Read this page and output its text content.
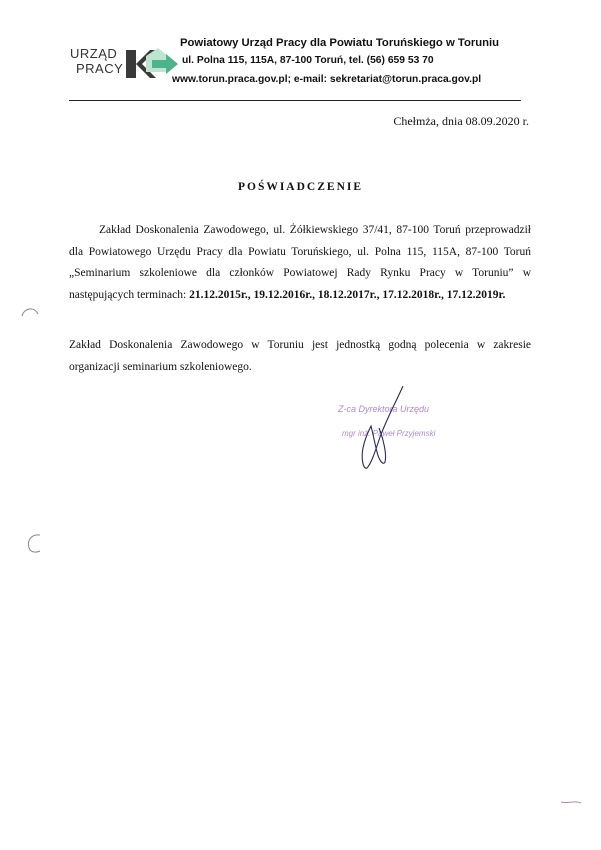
URZĄD
PRACY
Powiatowy Urząd Pracy dla Powiatu Toruńskiego w Toruniu
ul. Polna 115, 115A, 87-100 Toruń, tel. (56) 659 53 70
www.torun.praca.gov.pl; e-mail: sekretariat@torun.praca.gov.pl
Chełmża, dnia 08.09.2020 r.
POŚWIADCZENIE
Zakład Doskonalenia Zawodowego, ul. Żółkiewskiego 37/41, 87-100 Toruń przeprowadził dla Powiatowego Urzędu Pracy dla Powiatu Toruńskiego, ul. Polna 115, 115A, 87-100 Toruń „Seminarium szkoleniowe dla członków Powiatowej Rady Rynku Pracy w Toruniu” w następujących terminach: 21.12.2015r., 19.12.2016r., 18.12.2017r., 17.12.2018r., 17.12.2019r.
Zakład Doskonalenia Zawodowego w Toruniu jest jednostką godną polecenia w zakresie organizacji seminarium szkoleniowego.
Z-ca Dyrektora Urzędu
mgr inż. Paweł Przyjemski
